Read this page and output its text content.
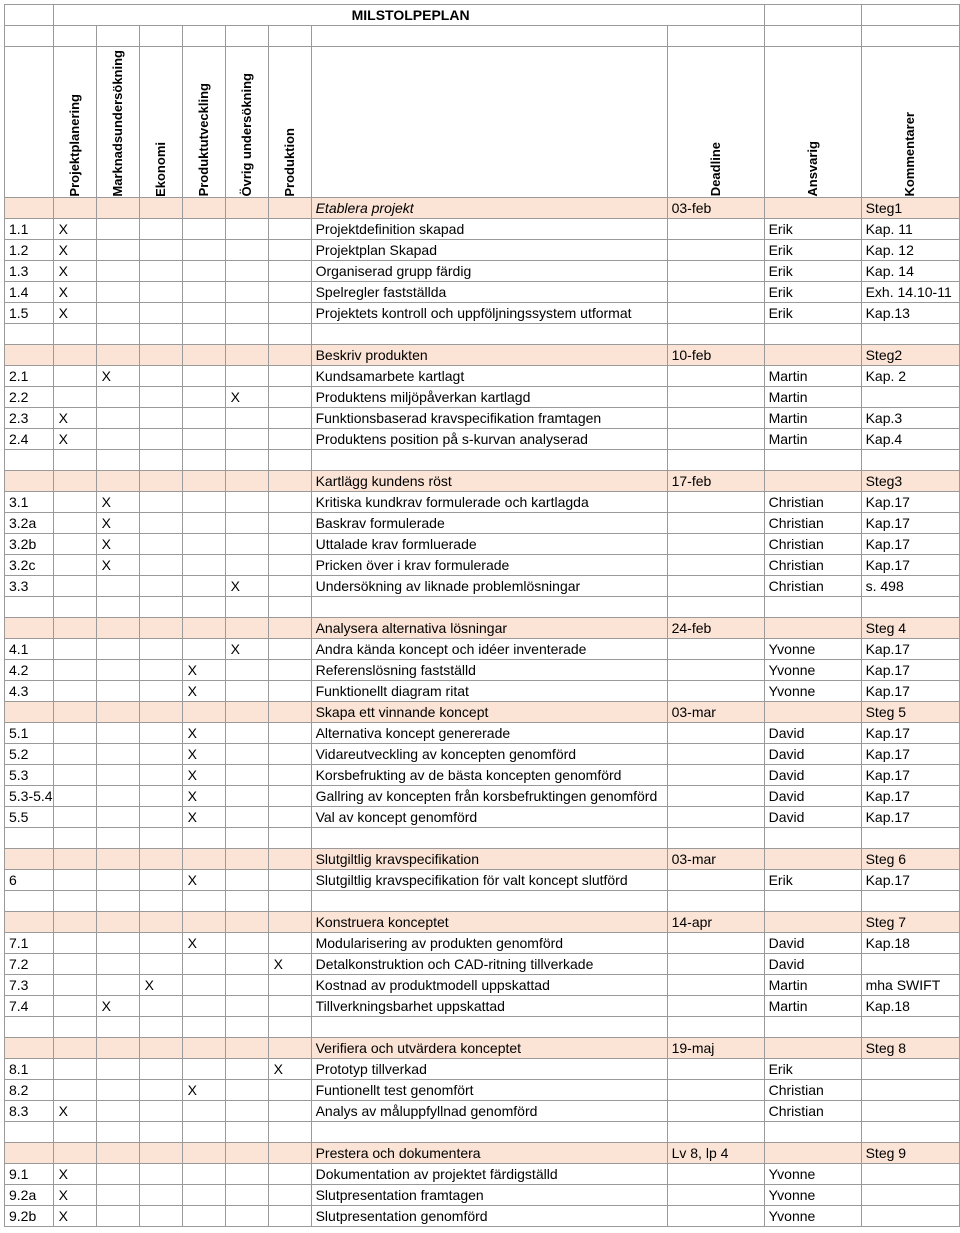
	MILSTOLPEPLAN									

	Projektplanering	Marknadsundersökning	Ekonomi	Produktutveckling	Övrig undersökning	Produktion		Deadline	Ansvarig	Kommentarer

							Etablera projekt	03-feb		Steg1
1.1	X						Projektdefinition skapad		Erik	Kap. 11
1.2	X						Projektplan Skapad		Erik	Kap. 12
1.3	X						Organiserad grupp färdig		Erik	Kap. 14
1.4	X						Spelregler fastställda		Erik	Exh. 14.10-11
1.5	X						Projektets kontroll och uppföljningssystem utformat		Erik	Kap.13

							Beskriv produkten	10-feb		Steg2
2.1		X					Kundsamarbete kartlagt		Martin	Kap. 2
2.2					X		Produktens miljöpåverkan kartlagd		Martin	
2.3	X						Funktionsbaserad kravspecifikation framtagen		Martin	Kap.3
2.4	X						Produktens position på s-kurvan analyserad		Martin	Kap.4

							Kartlägg kundens röst	17-feb		Steg3
3.1		X					Kritiska kundkrav formulerade och kartlagda		Christian	Kap.17
3.2a		X					Baskrav formulerade		Christian	Kap.17
3.2b		X					Uttalade krav formluerade		Christian	Kap.17
3.2c		X					Pricken över i krav formulerade		Christian	Kap.17
3.3					X		Undersökning av liknade problemlösningar		Christian	s. 498

							Analysera alternativa lösningar	24-feb		Steg 4
4.1					X		Andra kända koncept och idéer inventerade		Yvonne	Kap.17
4.2				X			Referenslösning fastställd		Yvonne	Kap.17
4.3				X			Funktionellt diagram ritat		Yvonne	Kap.17
							Skapa ett vinnande koncept	03-mar		Steg 5
5.1				X			Alternativa koncept genererade		David	Kap.17
5.2				X			Vidareutveckling av koncepten genomförd		David	Kap.17
5.3				X			Korsbefrukting av de bästa koncepten genomförd		David	Kap.17
5.3-5.4				X			Gallring av koncepten från korsbefruktingen genomförd		David	Kap.17
5.5				X			Val av koncept genomförd		David	Kap.17

							Slutgiltlig kravspecifikation	03-mar		Steg 6
6				X			Slutgiltlig kravspecifikation för valt koncept slutförd		Erik	Kap.17

							Konstruera konceptet	14-apr		Steg 7
7.1				X			Modularisering av produkten genomförd		David	Kap.18
7.2						X	Detalkonstruktion och CAD-ritning tillverkade		David	
7.3			X				Kostnad av produktmodell uppskattad		Martin	mha SWIFT
7.4		X					Tillverkningsbarhet uppskattad		Martin	Kap.18

							Verifiera och utvärdera konceptet	19-maj		Steg 8
8.1						X	Prototyp tillverkad		Erik	
8.2				X			Funtionellt test genomfört		Christian	
8.3	X						Analys av måluppfyllnad genomförd		Christian	

							Prestera och dokumentera	Lv 8, lp 4		Steg 9
9.1	X						Dokumentation av projektet färdigställd		Yvonne	
9.2a	X						Slutpresentation framtagen		Yvonne	
9.2b	X						Slutpresentation genomförd		Yvonne	
